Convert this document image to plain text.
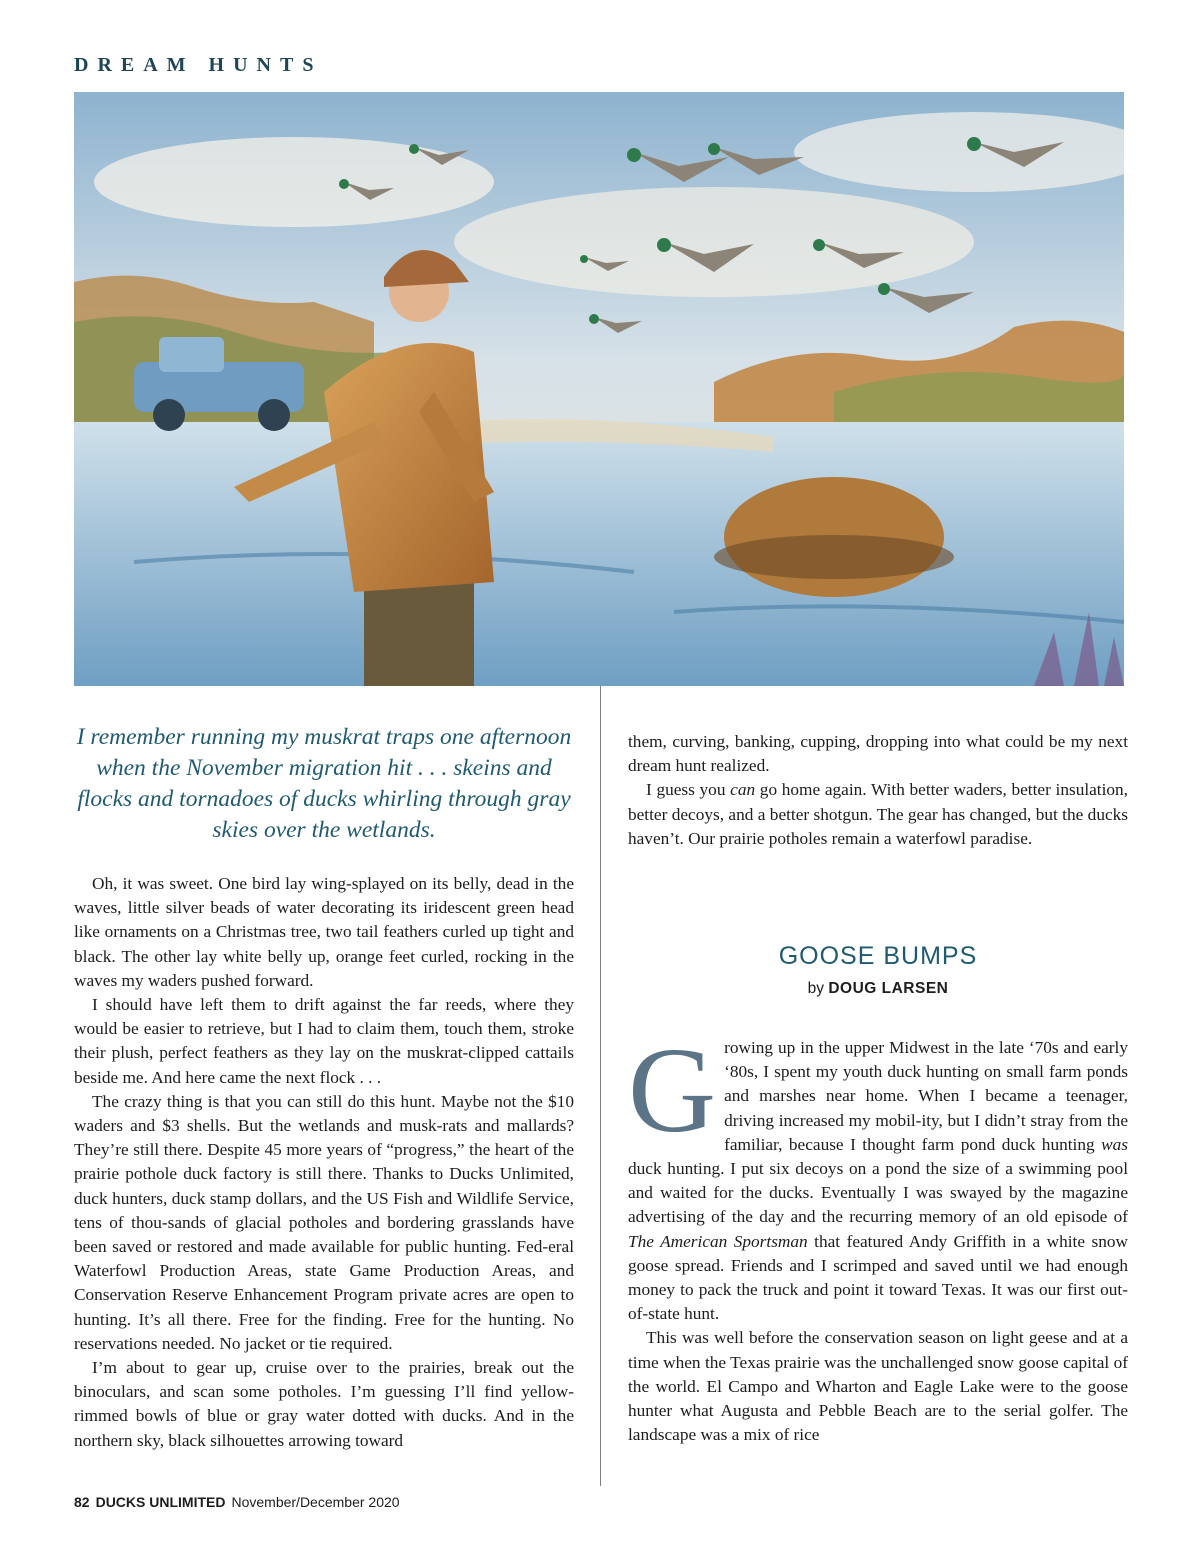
DREAM HUNTS
I remember running my muskrat traps one afternoon when the November migration hit . . . skeins and flocks and tornadoes of ducks whirling through gray skies over the wetlands.

Oh, it was sweet. One bird lay wing-splayed on its belly, dead in the waves, little silver beads of water decorating its iridescent green head like ornaments on a Christmas tree, two tail feathers curled up tight and black. The other lay white belly up, orange feet curled, rocking in the waves my waders pushed forward.

I should have left them to drift against the far reeds, where they would be easier to retrieve, but I had to claim them, touch them, stroke their plush, perfect feathers as they lay on the muskrat-clipped cattails beside me. And here came the next flock . . .

The crazy thing is that you can still do this hunt. Maybe not the $10 waders and $3 shells. But the wetlands and musk-rats and mallards? They’re still there. Despite 45 more years of “progress,” the heart of the prairie pothole duck factory is still there. Thanks to Ducks Unlimited, duck hunters, duck stamp dollars, and the US Fish and Wildlife Service, tens of thou-sands of glacial potholes and bordering grasslands have been saved or restored and made available for public hunting. Fed-eral Waterfowl Production Areas, state Game Production Areas, and Conservation Reserve Enhancement Program private acres are open to hunting. It’s all there. Free for the finding. Free for the hunting. No reservations needed. No jacket or tie required.

I’m about to gear up, cruise over to the prairies, break out the binoculars, and scan some potholes. I’m guessing I’ll find yellow-rimmed bowls of blue or gray water dotted with ducks. And in the northern sky, black silhouettes arrowing toward

them, curving, banking, cupping, dropping into what could be my next dream hunt realized.

I guess you can go home again. With better waders, better insulation, better decoys, and a better shotgun. The gear has changed, but the ducks haven’t. Our prairie potholes remain a waterfowl paradise.

GOOSE BUMPS
by DOUG LARSEN

Growing up in the upper Midwest in the late ‘70s and early ‘80s, I spent my youth duck hunting on small farm ponds and marshes near home. When I became a teenager, driving increased my mobil-ity, but I didn’t stray from the familiar, because I thought farm pond duck hunting was duck hunting. I put six decoys on a pond the size of a swimming pool and waited for the ducks. Eventually I was swayed by the magazine advertising of the day and the recurring memory of an old episode of The American Sportsman that featured Andy Griffith in a white snow goose spread. Friends and I scrimped and saved until we had enough money to pack the truck and point it toward Texas. It was our first out-of-state hunt.

This was well before the conservation season on light geese and at a time when the Texas prairie was the unchallenged snow goose capital of the world. El Campo and Wharton and Eagle Lake were to the goose hunter what Augusta and Pebble Beach are to the serial golfer. The landscape was a mix of rice

82 DUCKS UNLIMITED November/December 2020
